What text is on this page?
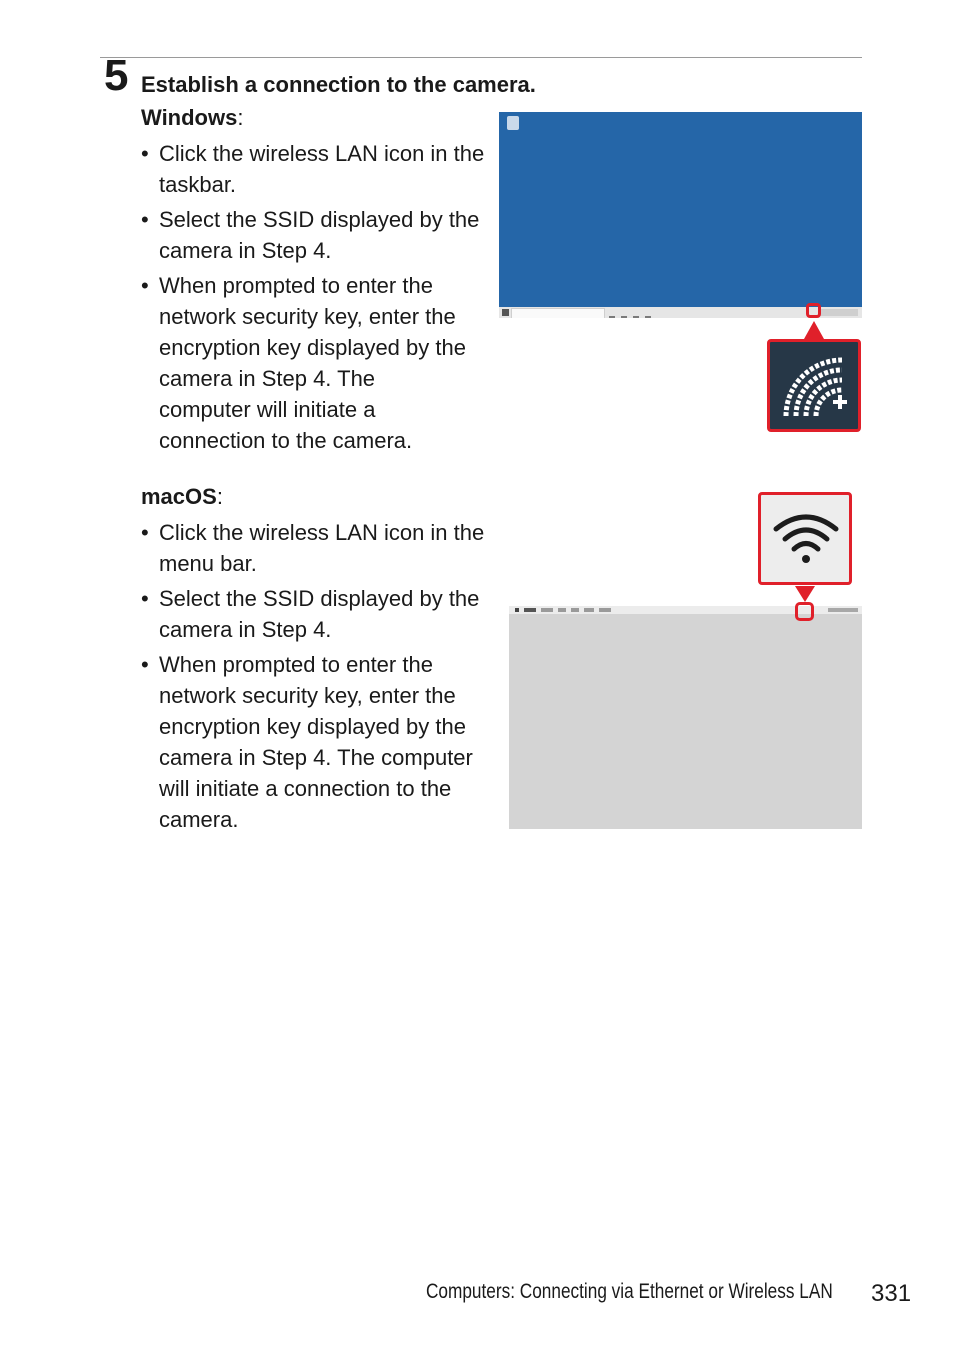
5 Establish a connection to the camera.
Windows:
• Click the wireless LAN icon in the taskbar.
• Select the SSID displayed by the camera in Step 4.
• When prompted to enter the network security key, enter the encryption key displayed by the camera in Step 4. The computer will initiate a connection to the camera.
macOS:
• Click the wireless LAN icon in the menu bar.
• Select the SSID displayed by the camera in Step 4.
• When prompted to enter the network security key, enter the encryption key displayed by the camera in Step 4. The computer will initiate a connection to the camera.
Computers: Connecting via Ethernet or Wireless LAN 331
